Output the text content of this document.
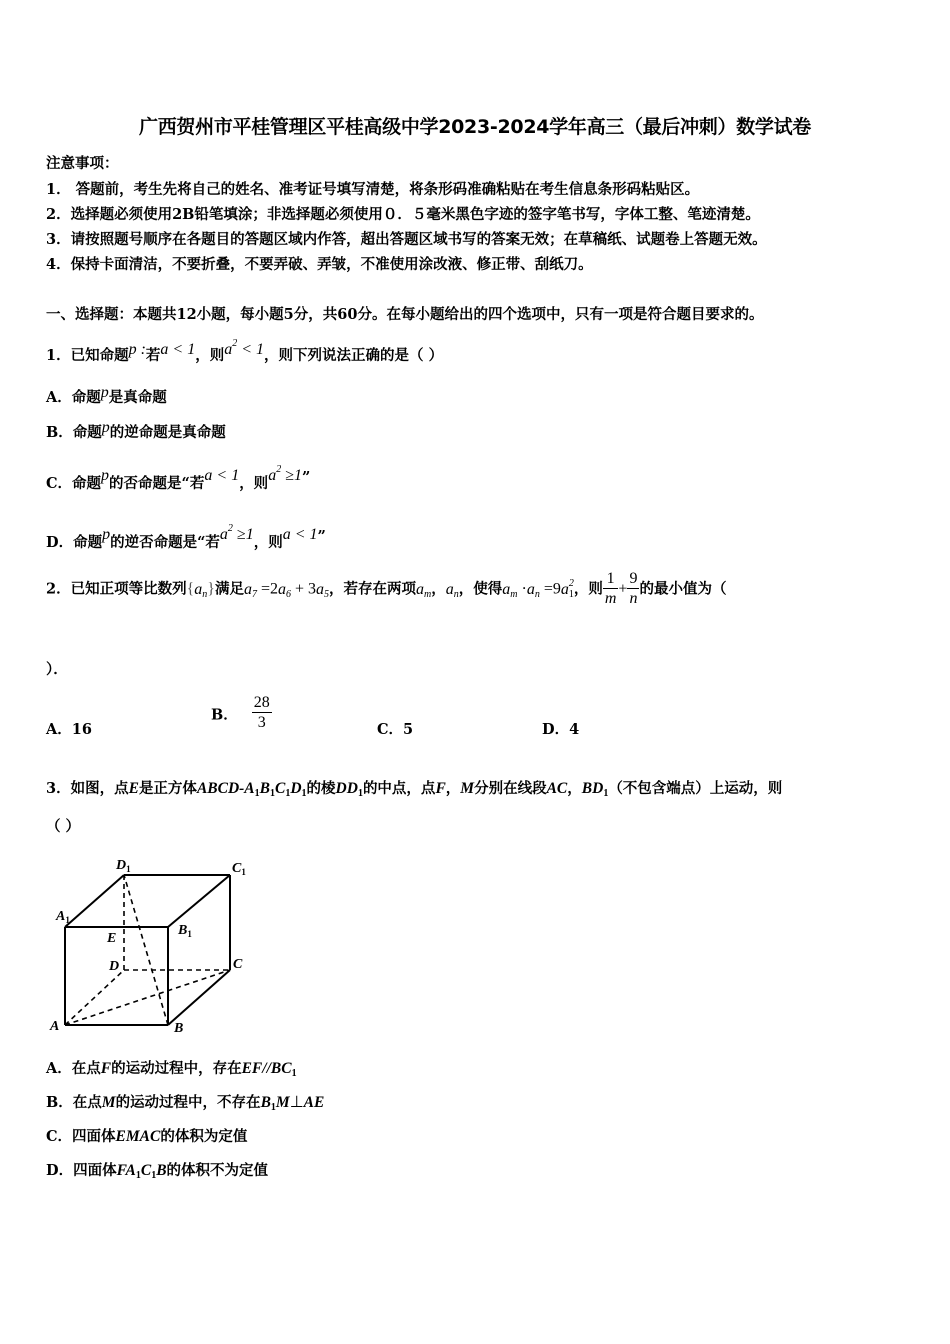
广西贺州市平桂管理区平桂高级中学2023-2024学年高三（最后冲刺）数学试卷
注意事项：
1． 答题前，考生先将自己的姓名、准考证号填写清楚，将条形码准确粘贴在考生信息条形码粘贴区。
2．选择题必须使用2B铅笔填涂；非选择题必须使用０．５毫米黑色字迹的签字笔书写，字体工整、笔迹清楚。
3．请按照题号顺序在各题目的答题区域内作答，超出答题区域书写的答案无效；在草稿纸、试题卷上答题无效。
4．保持卡面清洁，不要折叠，不要弄破、弄皱，不准使用涂改液、修正带、刮纸刀。
一、选择题：本题共12小题，每小题5分，共60分。在每小题给出的四个选项中，只有一项是符合题目要求的。
1．已知命题p :若a < 1，则$a^2 < 1$，则下列说法正确的是（ ）
A．命题p是真命题
B．命题p的逆命题是真命题
C．命题p的否命题是“若a < 1，则$a^2 \ge 1$”
D．命题p的逆否命题是“若$a^2 \ge 1$，则a < 1”
2．已知正项等比数列$\{a_n\}$满足$a_7 =2a_6 + 3a_5$，若存在两项$a_m$，$a_n$，使得$a_m \cdot a_n =9a_1^2$，则 $\frac{1}{m} + \frac{9}{n}$ 的最小值为（
）．
A．16
B． $\frac{28}{3}$	C．5	D．4
3．如图，点E是正方体ABCD-$A_1B_1C_1D_1$的棱$DD_1$的中点，点F，M分别在线段AC，$BD_1$（不包含端点）上运动，则
（ ）
$D_1$	$C_1$
$A_1$
$B_1$
E
D	C
A	B
A．在点F的运动过程中，存在$EF//BC_1$
B．在点M的运动过程中，不存在$B_1M\perp AE$
C．四面体EMAC的体积为定值
D．四面体$FA_1C_1B$的体积不为定值
